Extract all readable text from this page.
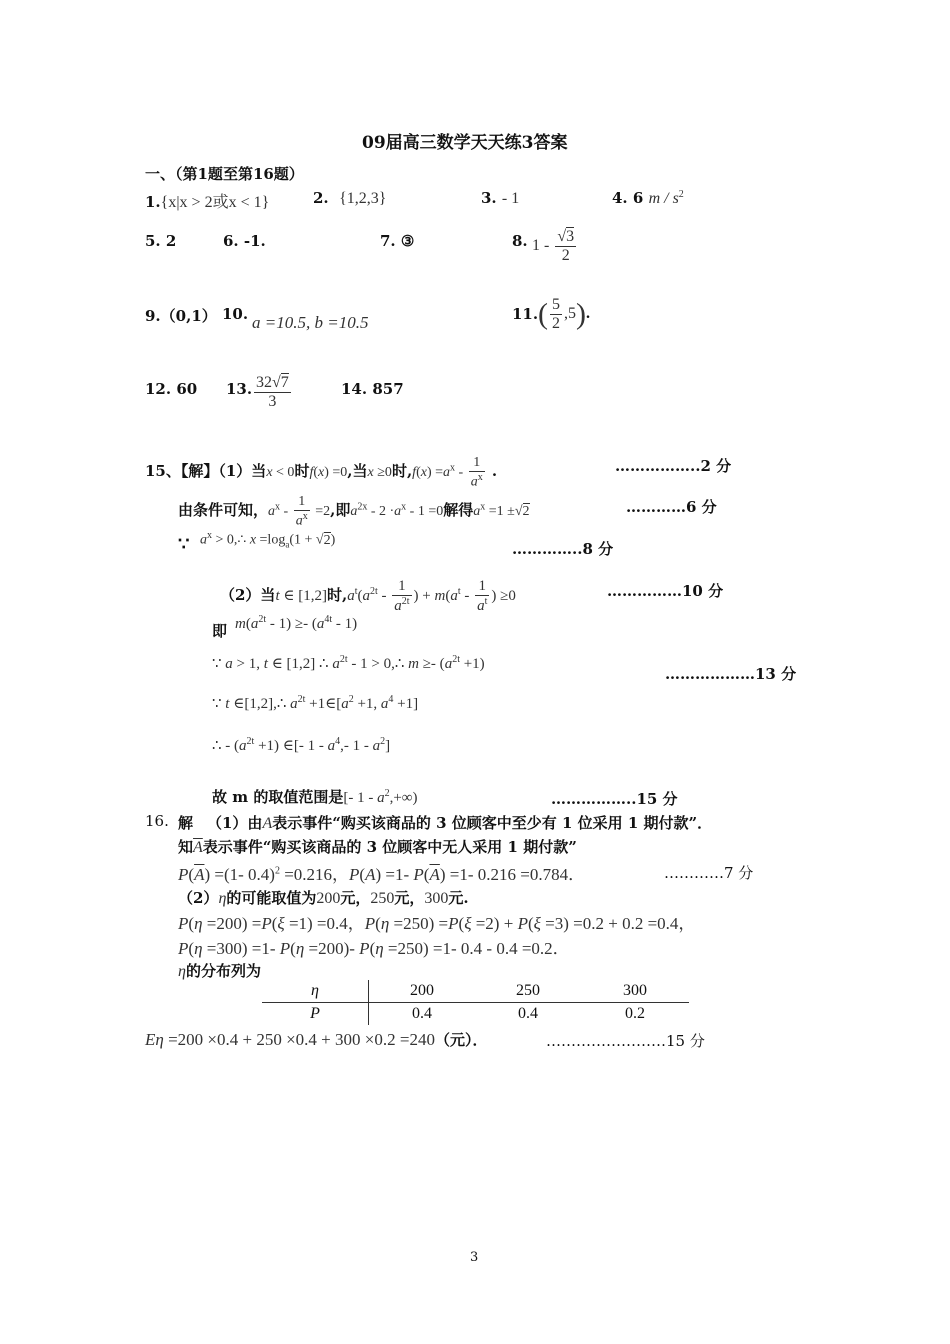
09届高三数学天天练3答案
一、（第1题至第16题）
1.{x|x > 2或x < 1}	2. {1,2,3}	3. - 1	4. 6 m / $s^2$
5. 2	6. -1.	7. ③	8. $1 - \frac{√3}{2}$
9.（0,1） 10. a =10.5, b =10.5	11. ( $\frac{5}{2} ,5$).
12. 60 13. $\frac{32√7}{3}$	14. 857
15、【解】（1）当x < 0时f(x) =0,当x ≥0时$,f(x) =a^x - \frac{1}{a^x}$ .	……………..2 分
由条件可知，$a^x - \frac{1}{a^x} =2$,即$a^{2x} - 2 \cdot a^x - 1 =0$解得$a^x =1 \pm√2$	…………6 分
∵ $a^x$ > 0,∴ $x =\log_a(1 + √2)$	…………..8 分
（2）当t ∈ [1,2]时$,a^t(a^{2t} - \frac{1}{a^{2t}}$ ) + $m(a^t - \frac{1}{a^t}$ ) ≥0	……………10 分
即 $m(a^{2t} - 1) \ge- (a^{4t} - 1)$
∵ a > 1, t ∈ [1,2] ∴ $a^{2t} - 1$ > 0,∴ $m \ge- (a^{2t} +1)$
………………13 分
∵ t ∈[1,2],∴ $a^{2t}$ $+1\in[a^2 +1$, $a^4 +1$]
∴ - $(a^{2t} +1)$ ∈[- $1 - a^4,-$ $1 - a^2$]
故 m 的取值范围是[- $1 - a^2,+\infty$)	……………..15 分
16. 解 （1）由A表示事件“购买该商品的 3 位顾客中至少有 1 位采用 1 期付款”．
知$\overline{A}$表示事件“购买该商品的 3 位顾客中无人采用 1 期付款”
$P(\overline{A}) =(1-$ 0.4)$^2$ =0.216，P(A) =1- $P(\overline{A}) =1-$ 0.216 =0.784．	…………7 分
（2）η的可能取值为200元，250元，300元.
P(η =200) =P(ξ =1) =0.4，P(η =250) =P(ξ =2) + P(ξ =3) =0.2 + 0.2 =0.4，
P(η =300) =1- P(η =200)- P(η =250) =1- 0.4 - 0.4 =0.2．
η的分布列为
η	200	250	300
P	0.4	0.4	0.2
Eη =200 ×0.4 + 250 ×0.4 + 300 ×0.2 =240（元）．	……………………15 分
3
